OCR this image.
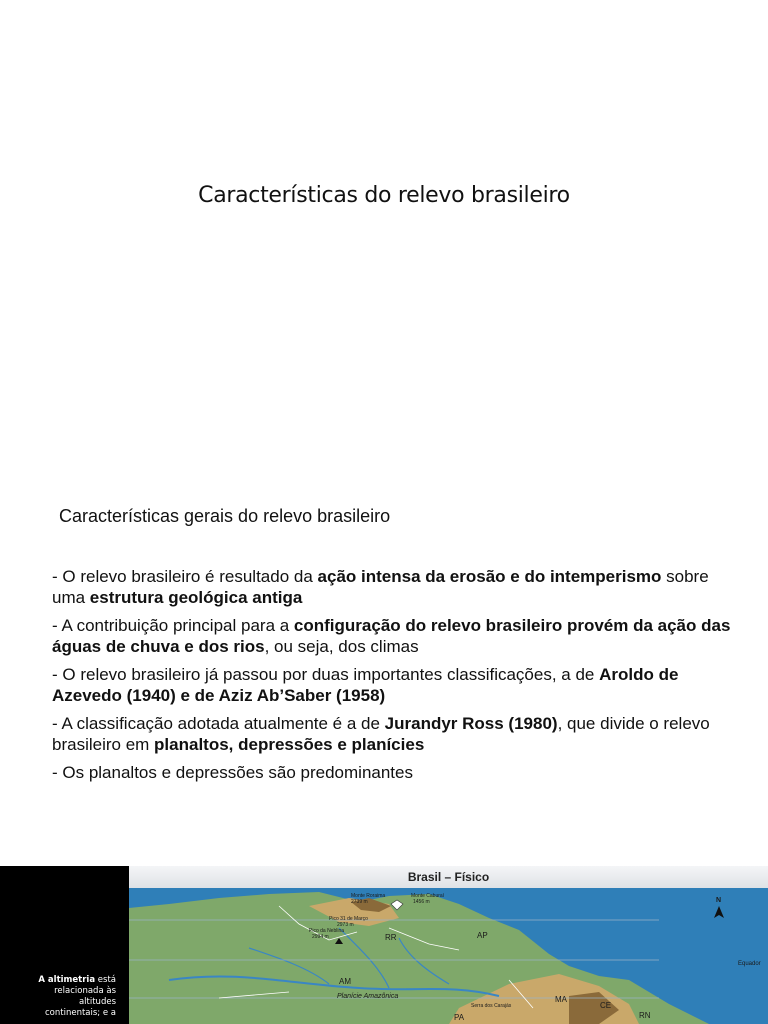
Características do relevo brasileiro
Características gerais do relevo brasileiro
- O relevo brasileiro é resultado da ação intensa da erosão e do intemperismo sobre uma estrutura geológica antiga
- A contribuição principal para a configuração do relevo brasileiro provém da ação das águas de chuva e dos rios, ou seja, dos climas
- O relevo brasileiro já passou por duas importantes classificações, a de Aroldo de Azevedo (1940) e de Aziz Ab’Saber (1958)
- A classificação adotada atualmente é a de Jurandyr Ross (1980), que divide o relevo brasileiro em planaltos, depressões e planícies
- Os planaltos e depressões são predominantes
A altimetria está relacionada às altitudes continentais; e a
Brasil – Físico
Monte Roraima
2739 m
Monte Caburaí
1456 m
Pico da Neblina
2994 m
Pico 31 de Março
2973 m
RR	AP
AM
PA
MA
CE
RN
Planície Amazônica
Serra dos Carajás
Equador
N
